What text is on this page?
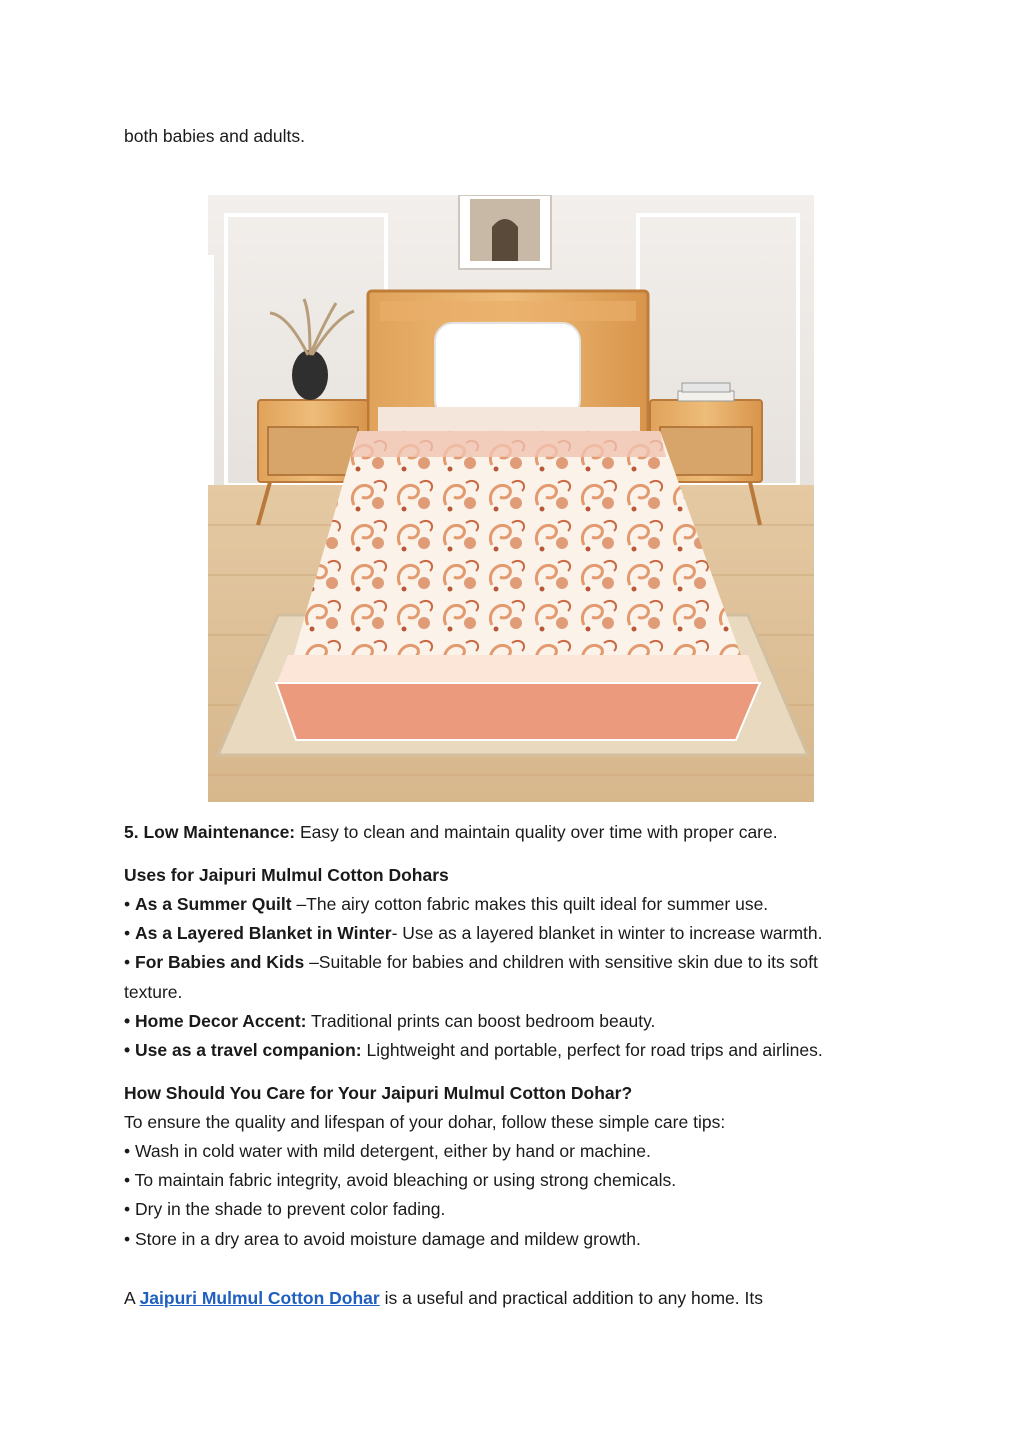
both babies and adults.
5. Low Maintenance: Easy to clean and maintain quality over time with proper care.
Uses for Jaipuri Mulmul Cotton Dohars
• As a Summer Quilt –The airy cotton fabric makes this quilt ideal for summer use.
• As a Layered Blanket in Winter- Use as a layered blanket in winter to increase warmth.
• For Babies and Kids –Suitable for babies and children with sensitive skin due to its soft
texture.
• Home Decor Accent: Traditional prints can boost bedroom beauty.
• Use as a travel companion: Lightweight and portable, perfect for road trips and airlines.
How Should You Care for Your Jaipuri Mulmul Cotton Dohar?
To ensure the quality and lifespan of your dohar, follow these simple care tips:
• Wash in cold water with mild detergent, either by hand or machine.
• To maintain fabric integrity, avoid bleaching or using strong chemicals.
• Dry in the shade to prevent color fading.
• Store in a dry area to avoid moisture damage and mildew growth.
A Jaipuri Mulmul Cotton Dohar is a useful and practical addition to any home. Its
